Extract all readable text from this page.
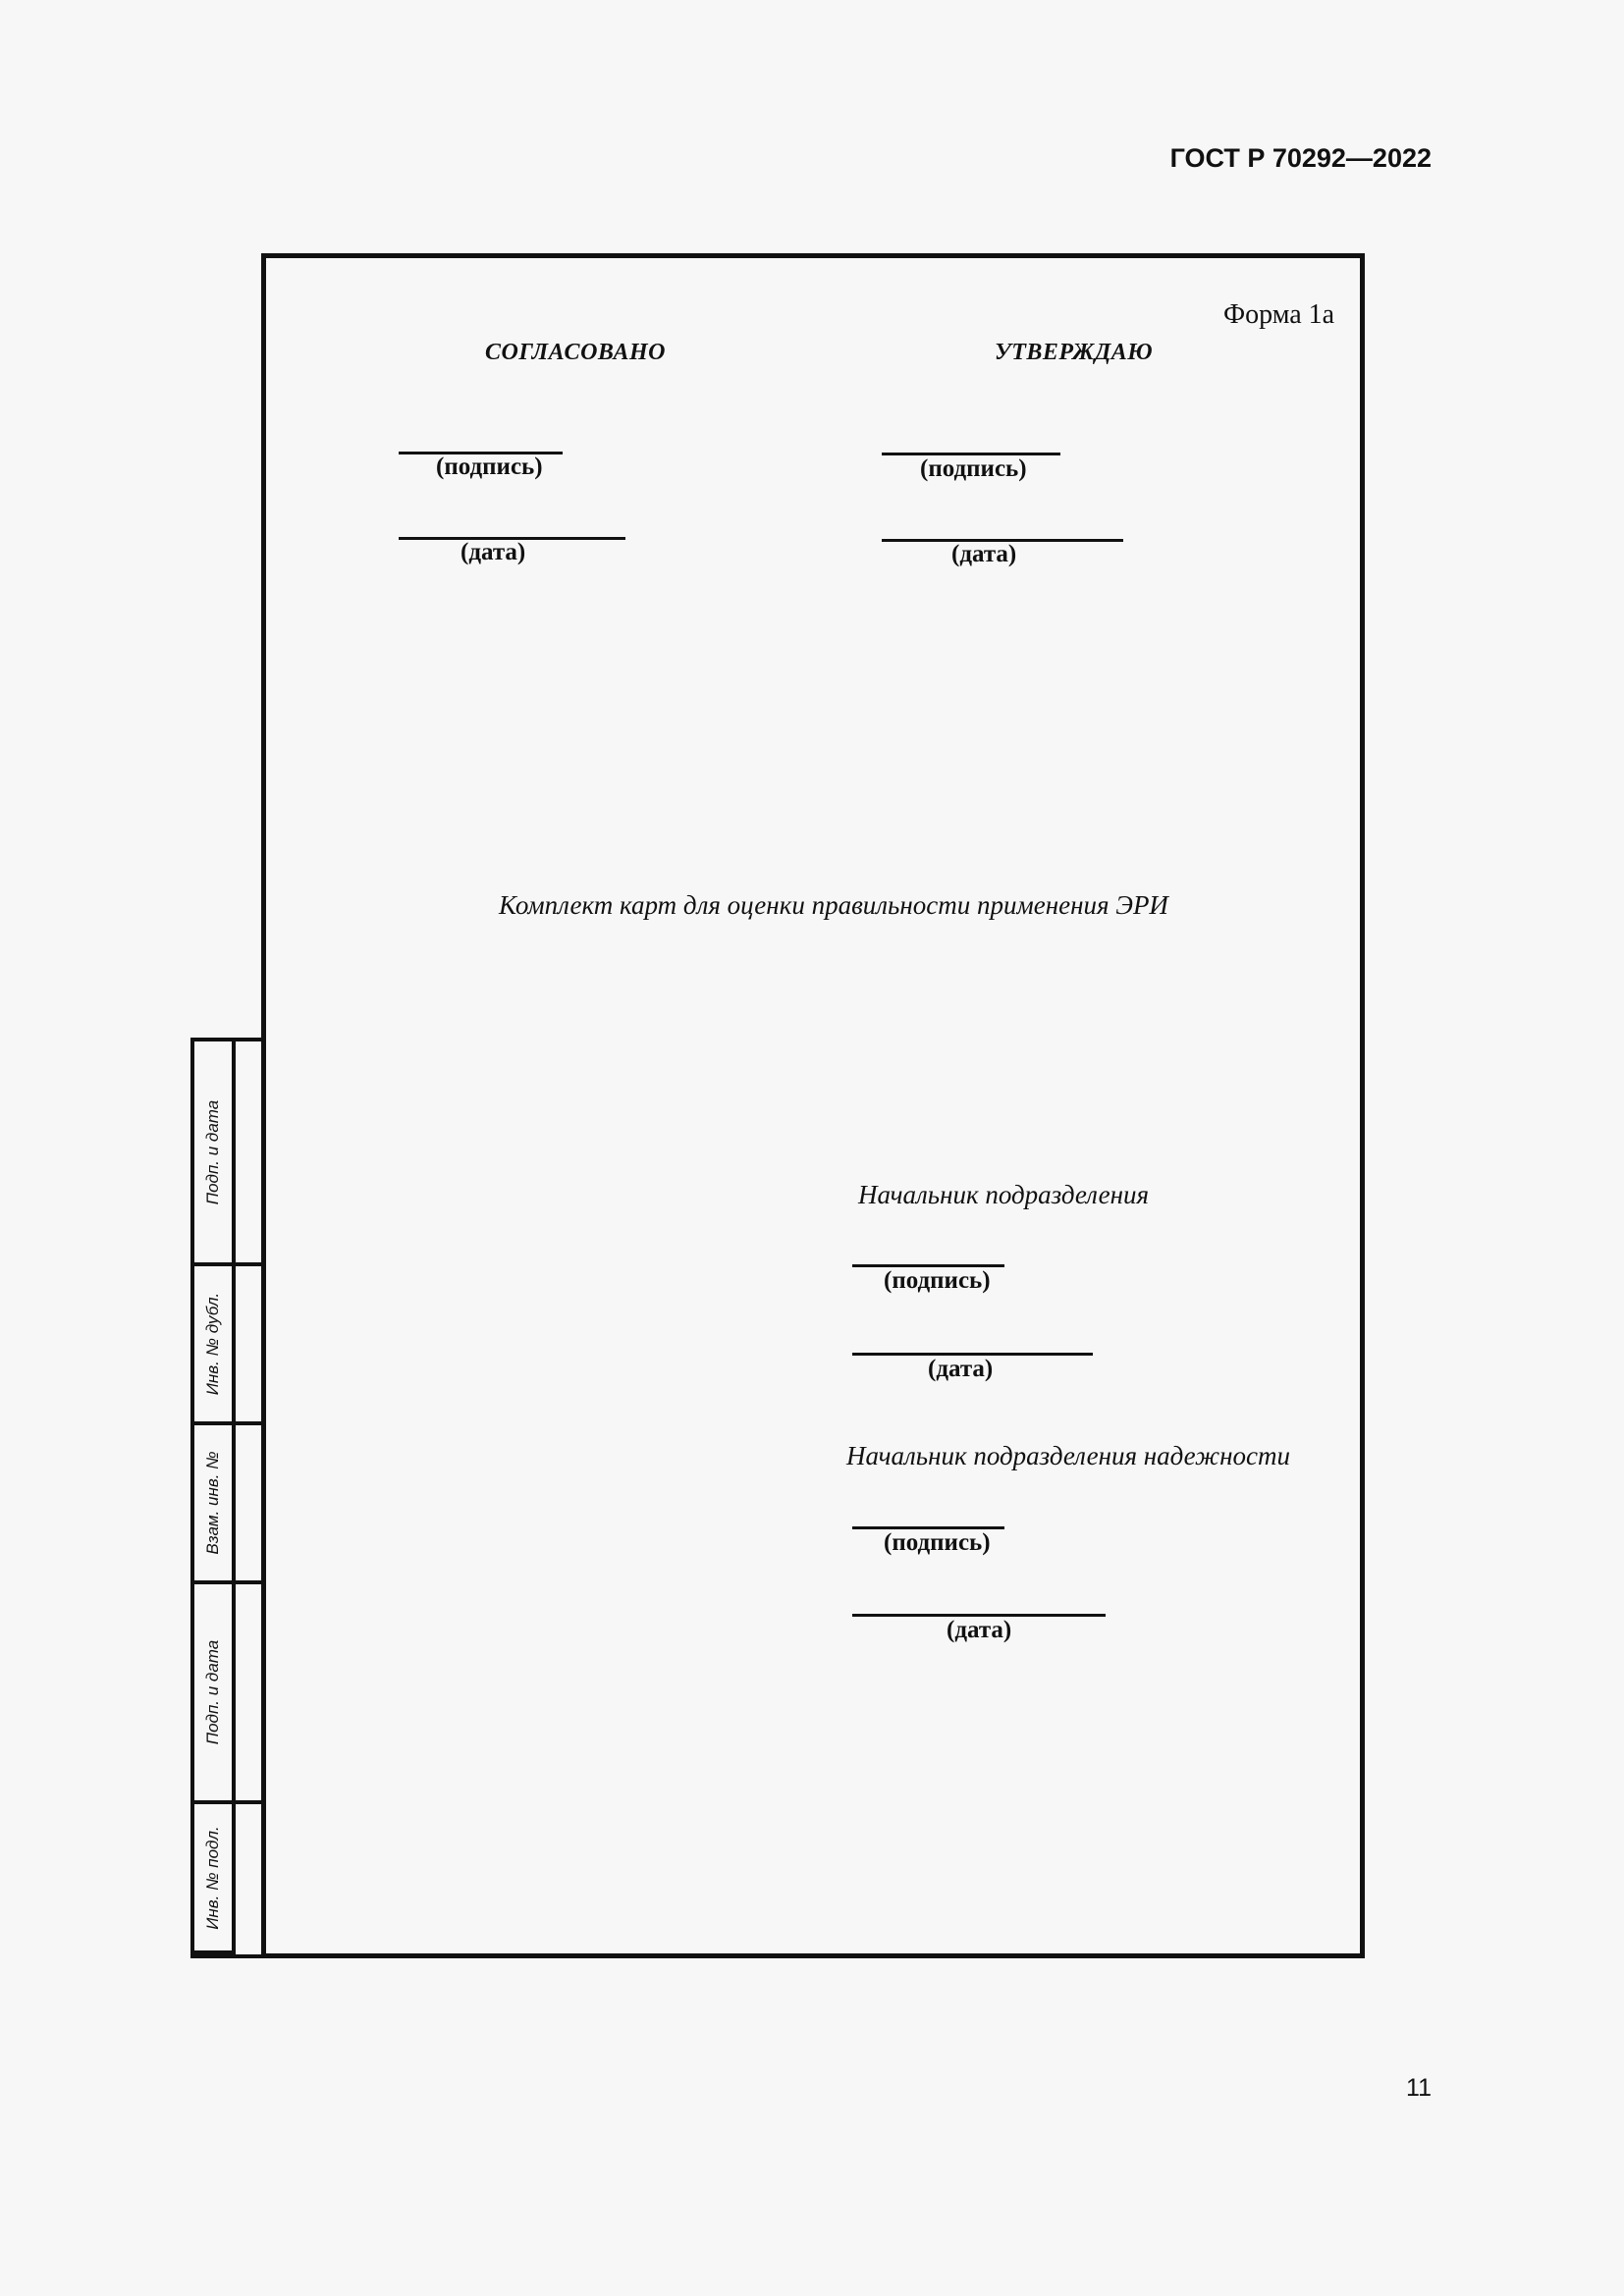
ГОСТ Р 70292—2022
Форма 1а
СОГЛАСОВАНО
(подпись)
(дата)
УТВЕРЖДАЮ
(подпись)
(дата)
Комплект карт для оценки правильности применения ЭРИ
Начальник подразделения
(подпись)
(дата)
Начальник подразделения надежности
(подпись)
(дата)
Подп. и дата
Инв. № дубл.
Взам. инв. №
Подп. и дата
Инв. № подл.
11
